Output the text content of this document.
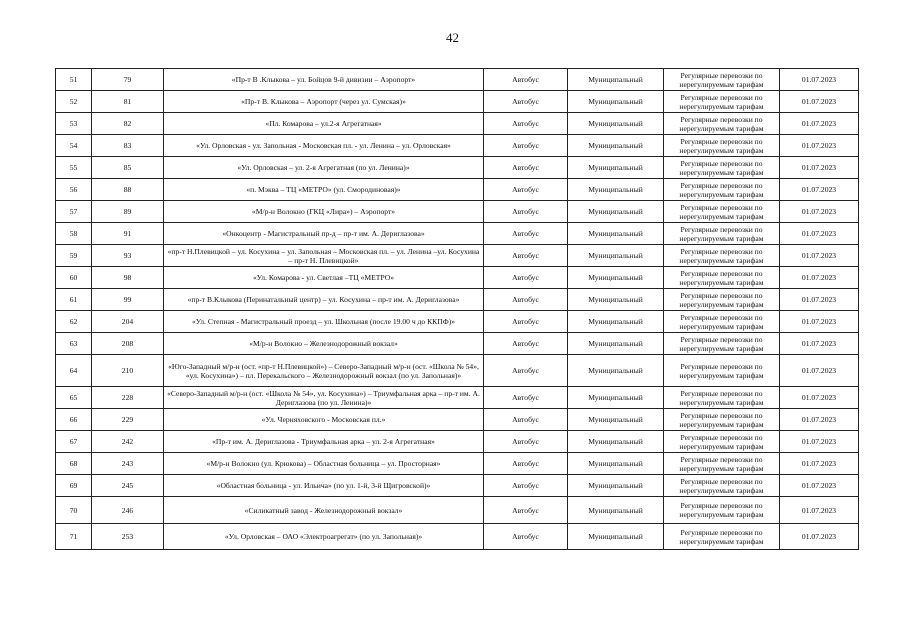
42
51	79	«Пр-т В .Клыкова – ул. Бойцов 9-й дивизии – Аэропорт»	Автобус	Муниципальный	Регулярные перевозки по нерегулируемым тарифам	01.07.2023
52	81	«Пр-т В. Клыкова – Аэропорт (через ул. Сумская)»	Автобус	Муниципальный	Регулярные перевозки по нерегулируемым тарифам	01.07.2023
53	82	«Пл. Комарова – ул.2-я Агрегатная»	Автобус	Муниципальный	Регулярные перевозки по нерегулируемым тарифам	01.07.2023
54	83	«Ул. Орловская - ул. Запольная - Московская пл. - ул. Ленина – ул. Орловская»	Автобус	Муниципальный	Регулярные перевозки по нерегулируемым тарифам	01.07.2023
55	85	«Ул. Орловская – ул. 2-я Агрегатная (по ул. Ленина)»	Автобус	Муниципальный	Регулярные перевозки по нерегулируемым тарифам	01.07.2023
56	88	«п. Мэква – ТЦ «МЕТРО» (ул. Смородиновая)»	Автобус	Муниципальный	Регулярные перевозки по нерегулируемым тарифам	01.07.2023
57	89	«М/р-н Волокно (ГКЦ «Лира») – Аэропорт»	Автобус	Муниципальный	Регулярные перевозки по нерегулируемым тарифам	01.07.2023
58	91	«Онкоцентр - Магистральный пр-д – пр-т им. А. Дериглазова»	Автобус	Муниципальный	Регулярные перевозки по нерегулируемым тарифам	01.07.2023
59	93	«пр-т Н.Плевицкой – ул. Косухина – ул. Запольная – Московская пл. – ул. Ленина –ул. Косухина – пр-т Н. Плевицкой»	Автобус	Муниципальный	Регулярные перевозки по нерегулируемым тарифам	01.07.2023
60	98	«Ул. Комарова - ул. Светлая –ТЦ «МЕТРО»	Автобус	Муниципальный	Регулярные перевозки по нерегулируемым тарифам	01.07.2023
61	99	«пр-т В.Клыкова (Перинатальный центр) – ул. Косухина – пр-т им. А. Дериглазова»	Автобус	Муниципальный	Регулярные перевозки по нерегулируемым тарифам	01.07.2023
62	204	«Ул. Степная - Магистральный проезд – ул. Школьная (после 19.00 ч до ККПФ)»	Автобус	Муниципальный	Регулярные перевозки по нерегулируемым тарифам	01.07.2023
63	208	«М/р-н Волокно – Железнодорожный вокзал»	Автобус	Муниципальный	Регулярные перевозки по нерегулируемым тарифам	01.07.2023
64	210	«Юго-Западный м/р-н (ост. «пр-т Н.Плевицкой») – Северо-Западный м/р-н (ост. «Школа № 54», «ул. Косухина») – пл. Перекальского – Железнодорожный вокзал (по ул. Запольная)»	Автобус	Муниципальный	Регулярные перевозки по нерегулируемым тарифам	01.07.2023
65	228	«Северо-Западный м/р-н (ост. «Школа № 54», ул. Косухина») – Триумфальная арка – пр-т им. А. Дериглазова (по ул. Ленина)»	Автобус	Муниципальный	Регулярные перевозки по нерегулируемым тарифам	01.07.2023
66	229	«Ул. Черняховского - Московская пл.»	Автобус	Муниципальный	Регулярные перевозки по нерегулируемым тарифам	01.07.2023
67	242	«Пр-т им. А. Дериглазова - Триумфальная арка – ул. 2-я Агрегатная»	Автобус	Муниципальный	Регулярные перевозки по нерегулируемым тарифам	01.07.2023
68	243	«М/р-н Волокно (ул. Крюкова) – Областная больница – ул. Просторная»	Автобус	Муниципальный	Регулярные перевозки по нерегулируемым тарифам	01.07.2023
69	245	«Областная больница - ул. Ильича» (по ул. 1-й, 3-й Щигровской)»	Автобус	Муниципальный	Регулярные перевозки по нерегулируемым тарифам	01.07.2023
70	246	«Силикатный завод - Железнодорожный вокзал»	Автобус	Муниципальный	Регулярные перевозки по нерегулируемым тарифам	01.07.2023
71	253	«Ул. Орловская – ОАО «Электроагрегат» (по ул. Запольная)»	Автобус	Муниципальный	Регулярные перевозки по нерегулируемым тарифам	01.07.2023
